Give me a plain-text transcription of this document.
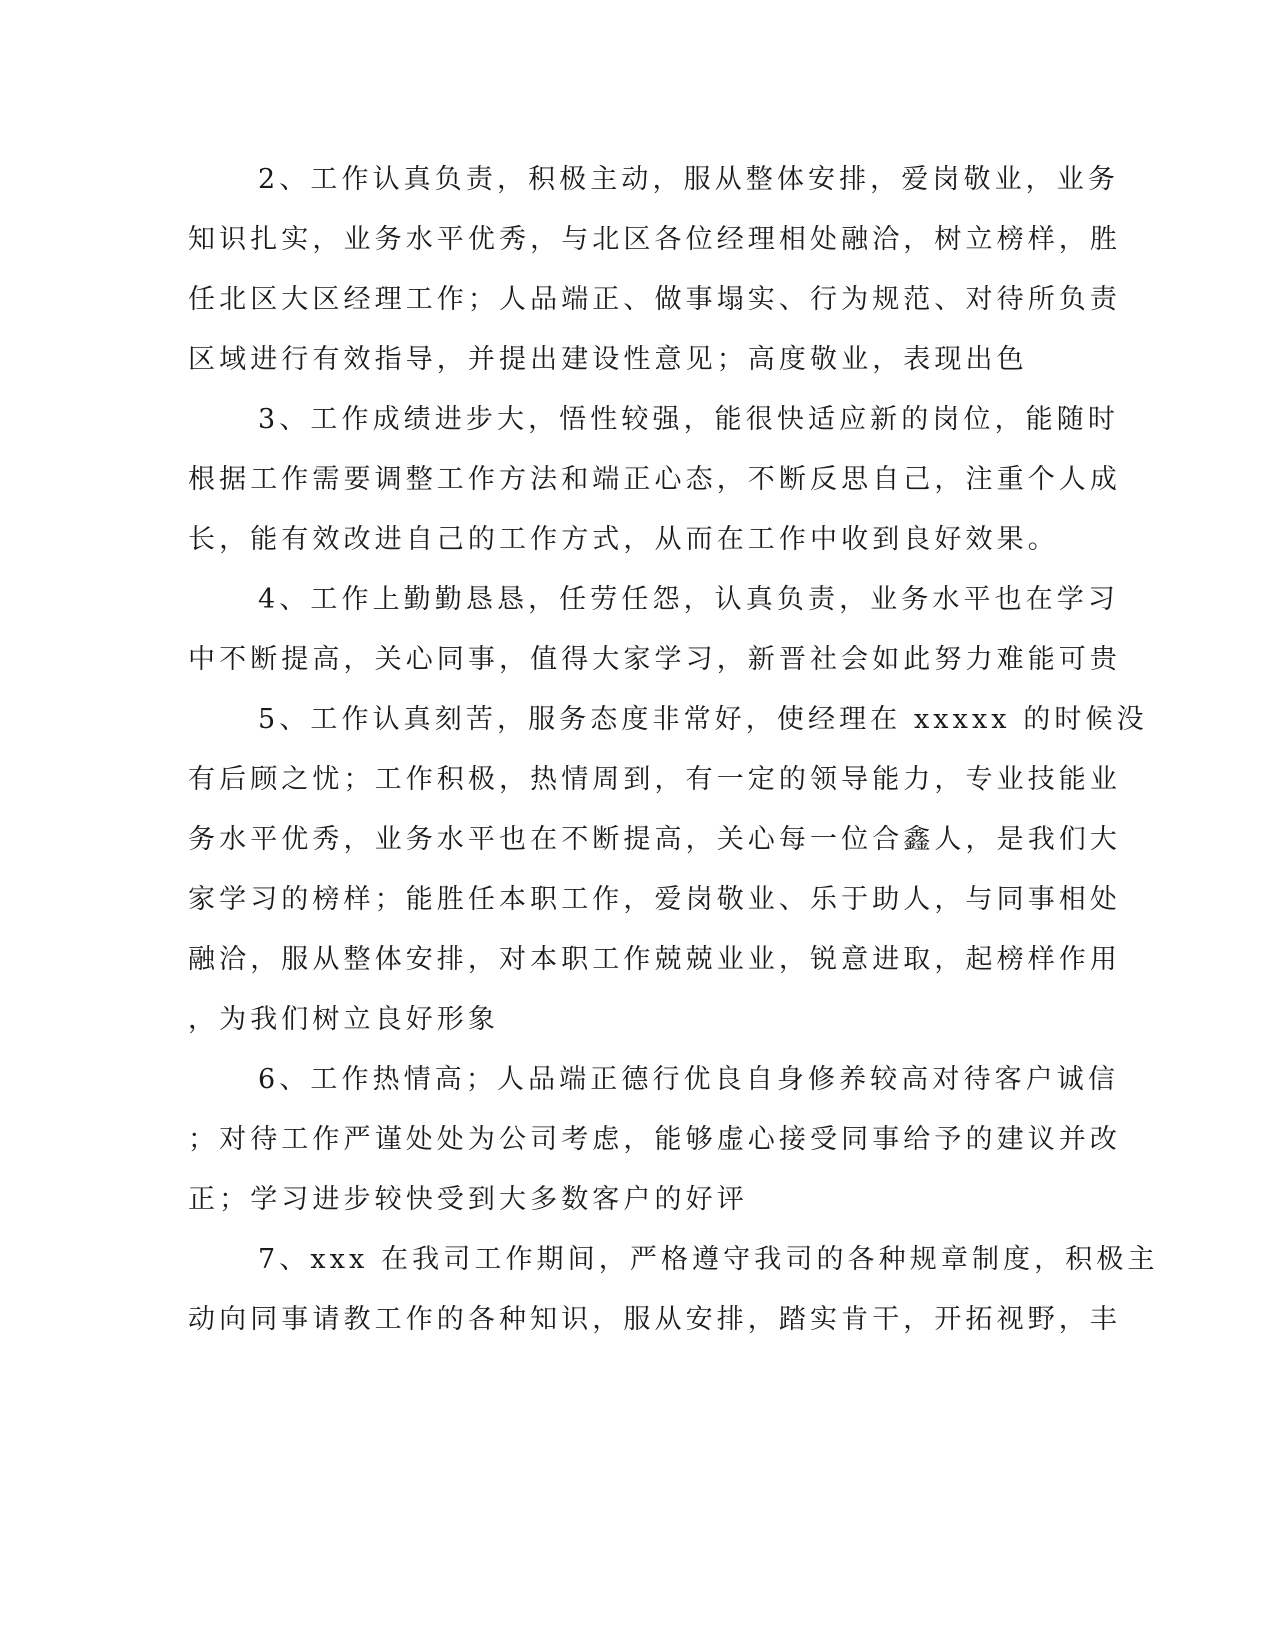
2、工作认真负责，积极主动，服从整体安排，爱岗敬业，业务
知识扎实，业务水平优秀，与北区各位经理相处融洽，树立榜样，胜
任北区大区经理工作；人品端正、做事塌实、行为规范、对待所负责
区域进行有效指导，并提出建设性意见；高度敬业，表现出色
3、工作成绩进步大，悟性较强，能很快适应新的岗位，能随时
根据工作需要调整工作方法和端正心态，不断反思自己，注重个人成
长，能有效改进自己的工作方式，从而在工作中收到良好效果。
4、工作上勤勤恳恳，任劳任怨，认真负责，业务水平也在学习
中不断提高，关心同事，值得大家学习，新晋社会如此努力难能可贵
5、工作认真刻苦，服务态度非常好，使经理在 xxxxx 的时候没
有后顾之忧；工作积极，热情周到，有一定的领导能力，专业技能业
务水平优秀，业务水平也在不断提高，关心每一位合鑫人，是我们大
家学习的榜样；能胜任本职工作，爱岗敬业、乐于助人，与同事相处
融洽，服从整体安排，对本职工作兢兢业业，锐意进取，起榜样作用
，为我们树立良好形象
6、工作热情高；人品端正德行优良自身修养较高对待客户诚信
；对待工作严谨处处为公司考虑，能够虚心接受同事给予的建议并改
正；学习进步较快受到大多数客户的好评
7、xxx 在我司工作期间，严格遵守我司的各种规章制度，积极主
动向同事请教工作的各种知识，服从安排，踏实肯干，开拓视野，丰
